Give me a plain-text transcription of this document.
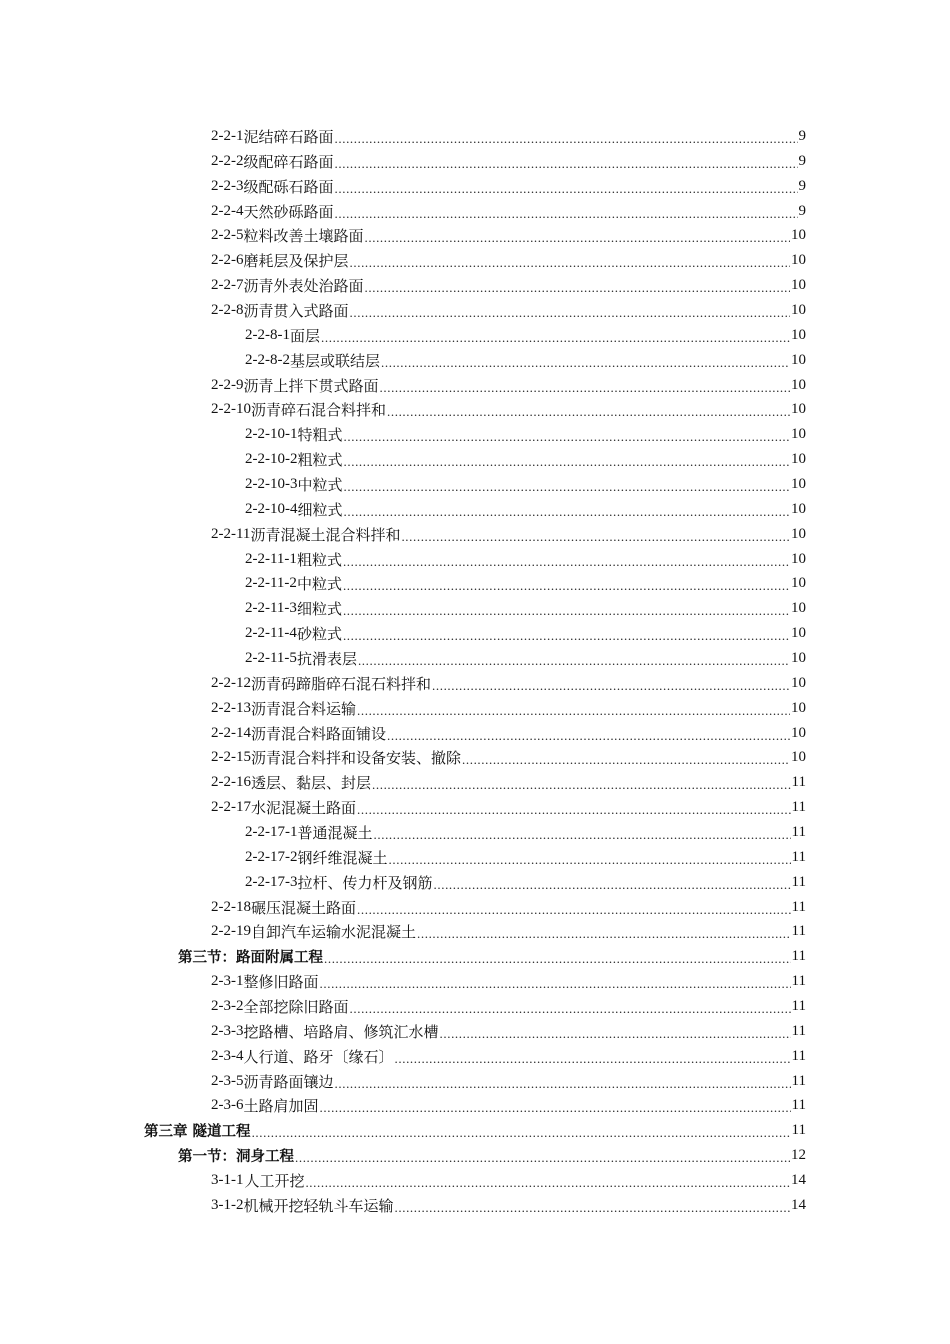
2-2-1 泥结碎石路面 .....	9
2-2-2 级配碎石路面 .....	9
2-2-3 级配砾石路面 .....	9
2-2-4 天然砂砾路面 .....	9
2-2-5 粒料改善土壤路面 .....	10
2-2-6 磨耗层及保护层 .....	10
2-2-7 沥青外表处治路面 .....	10
2-2-8 沥青贯入式路面 .....	10
2-2-8-1 面层 .....	10
2-2-8-2 基层或联结层 .....	10
2-2-9 沥青上拌下贯式路面 .....	10
2-2-10 沥青碎石混合料拌和 .....	10
2-2-10-1 特粗式 .....	10
2-2-10-2 粗粒式 .....	10
2-2-10-3 中粒式 .....	10
2-2-10-4 细粒式 .....	10
2-2-11 沥青混凝土混合料拌和 .....	10
2-2-11-1 粗粒式 .....	10
2-2-11-2 中粒式 .....	10
2-2-11-3 细粒式 .....	10
2-2-11-4 砂粒式 .....	10
2-2-11-5 抗滑表层 .....	10
2-2-12 沥青码蹄脂碎石混石料拌和 .....	10
2-2-13 沥青混合料运输 .....	10
2-2-14 沥青混合料路面铺设 .....	10
2-2-15 沥青混合料拌和设备安装、撤除 .....	10
2-2-16 透层、黏层、封层 .....	11
2-2-17 水泥混凝土路面 .....	11
2-2-17-1 普通混凝土 .....	11
2-2-17-2 钢纤维混凝土 .....	11
2-2-17-3 拉杆、传力杆及钢筋 .....	11
2-2-18 碾压混凝土路面 .....	11
2-2-19 自卸汽车运输水泥混凝土 .....	11
第三节：路面附属工程 .....	11
2-3-1 整修旧路面 .....	11
2-3-2 全部挖除旧路面 .....	11
2-3-3 挖路槽、培路肩、修筑汇水槽 .....	11
2-3-4 人行道、路牙〔缘石〕 .....	11
2-3-5 沥青路面镶边 .....	11
2-3-6 土路肩加固 .....	11
第三章 隧道工程 .....	11
第一节：洞身工程 .....	12
3-1-1 人工开挖 .....	14
3-1-2 机械开挖轻轨斗车运输 .....	14
